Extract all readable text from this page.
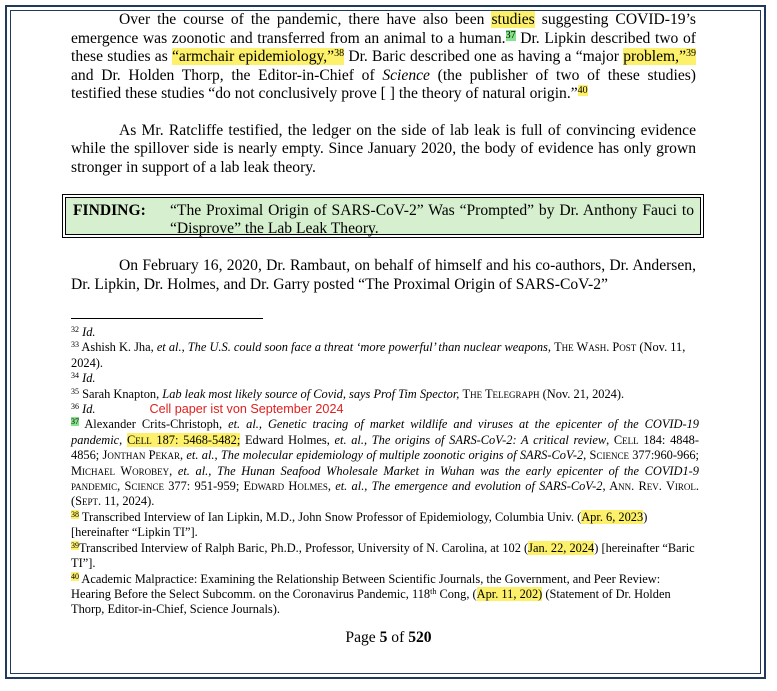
Over the course of the pandemic, there have also been studies suggesting COVID-19’s emergence was zoonotic and transferred from an animal to a human.$^{37}$ Dr. Lipkin described two of these studies as “armchair epidemiology,”$^{38}$ Dr. Baric described one as having a “major problem,”$^{39}$ and Dr. Holden Thorp, the Editor-in-Chief of Science (the publisher of two of these studies) testified these studies “do not conclusively prove [ ] the theory of natural origin.”$^{40}$

As Mr. Ratcliffe testified, the ledger on the side of lab leak is full of convincing evidence while the spillover side is nearly empty. Since January 2020, the body of evidence has only grown stronger in support of a lab leak theory.

FINDING: “The Proximal Origin of SARS-CoV-2” Was “Prompted” by Dr. Anthony Fauci to “Disprove” the Lab Leak Theory.

On February 16, 2020, Dr. Rambaut, on behalf of himself and his co-authors, Dr. Andersen, Dr. Lipkin, Dr. Holmes, and Dr. Garry posted “The Proximal Origin of SARS-CoV-2”

$^{32}$ Id.

$^{33}$ Ashish K. Jha, et al., The U.S. could soon face a threat ‘more powerful’ than nuclear weapons, The Wash. Post (Nov. 11, 2024).

$^{34}$ Id.

$^{35}$ Sarah Knapton, Lab leak most likely source of Covid, says Prof Tim Spector, The Telegraph (Nov. 21, 2024).

$^{36}$ Id.	Cell paper ist von September 2024

$^{37}$ Alexander Crits-Christoph, et. al., Genetic tracing of market wildlife and viruses at the epicenter of the COVID-19 pandemic, Cell 187: 5468-5482; Edward Holmes, et. al., The origins of SARS-CoV-2: A critical review, Cell 184: 4848-4856; Jonthan Pekar, et. al., The molecular epidemiology of multiple zoonotic origins of SARS-CoV-2, Science 377:960-966; Michael Worobey, et. al., The Hunan Seafood Wholesale Market in Wuhan was the early epicenter of the COVID1-9 pandemic, Science 377: 951-959; Edward Holmes, et. al., The emergence and evolution of SARS-CoV-2, Ann. Rev. Virol. (Sept. 11, 2024).

$^{38}$ Transcribed Interview of Ian Lipkin, M.D., John Snow Professor of Epidemiology, Columbia Univ. (Apr. 6, 2023) [hereinafter “Lipkin TI”].

$^{39}$Transcribed Interview of Ralph Baric, Ph.D., Professor, University of N. Carolina, at 102 (Jan. 22, 2024) [hereinafter “Baric TI”].

$^{40}$ Academic Malpractice: Examining the Relationship Between Scientific Journals, the Government, and Peer Review: Hearing Before the Select Subcomm. on the Coronavirus Pandemic, 118th Cong, (Apr. 11, 202) (Statement of Dr. Holden Thorp, Editor-in-Chief, Science Journals).

Page 5 of 520
